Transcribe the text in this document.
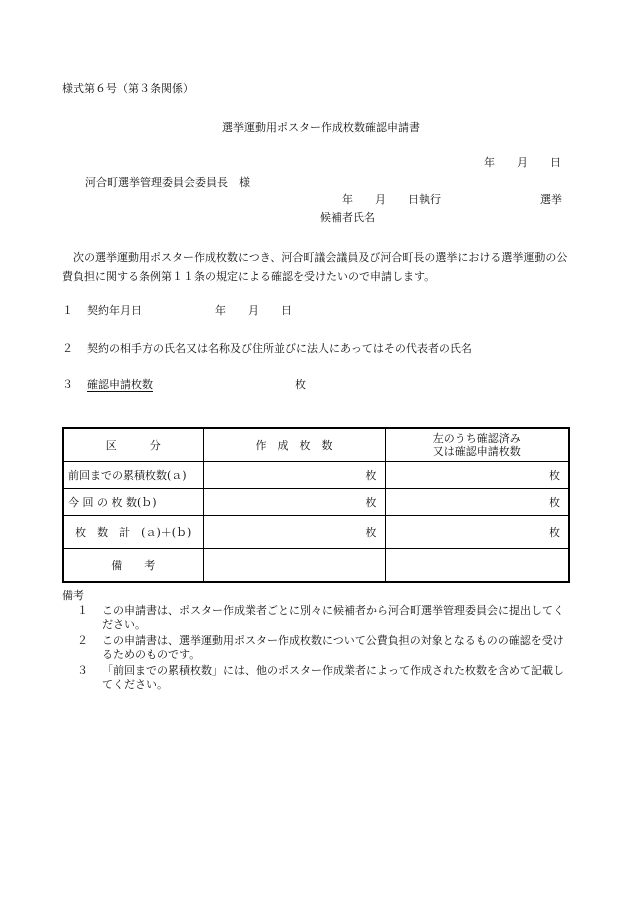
様式第６号（第３条関係）
選挙運動用ポスター作成枚数確認申請書
年　　月　　日
河合町選挙管理委員会委員長　様
年　　月　　日執行	選挙
候補者氏名
次の選挙運動用ポスター作成枚数につき、河合町議会議員及び河合町長の選挙における選挙運動の公費負担に関する条例第１１条の規定による確認を受けたいので申請します。
１ 契約年月日	年　　月　　日
２ 契約の相手方の氏名又は名称及び住所並びに法人にあってはその代表者の氏名
３ 確認申請枚数	枚
区　　　分	作　成　枚　数	左のうち確認済み
又は確認申請枚数

前回までの累積枚数(ａ)	枚	枚
今 回 の 枚 数(ｂ)	枚	枚
枚　数　計　(ａ)＋(ｂ)	枚	枚
備　　考		
備考
１ この申請書は、ポスター作成業者ごとに別々に候補者から河合町選挙管理委員会に提出してください。
２ この申請書は、選挙運動用ポスター作成枚数について公費負担の対象となるものの確認を受けるためのものです。
３ 「前回までの累積枚数」には、他のポスター作成業者によって作成された枚数を含めて記載してください。
